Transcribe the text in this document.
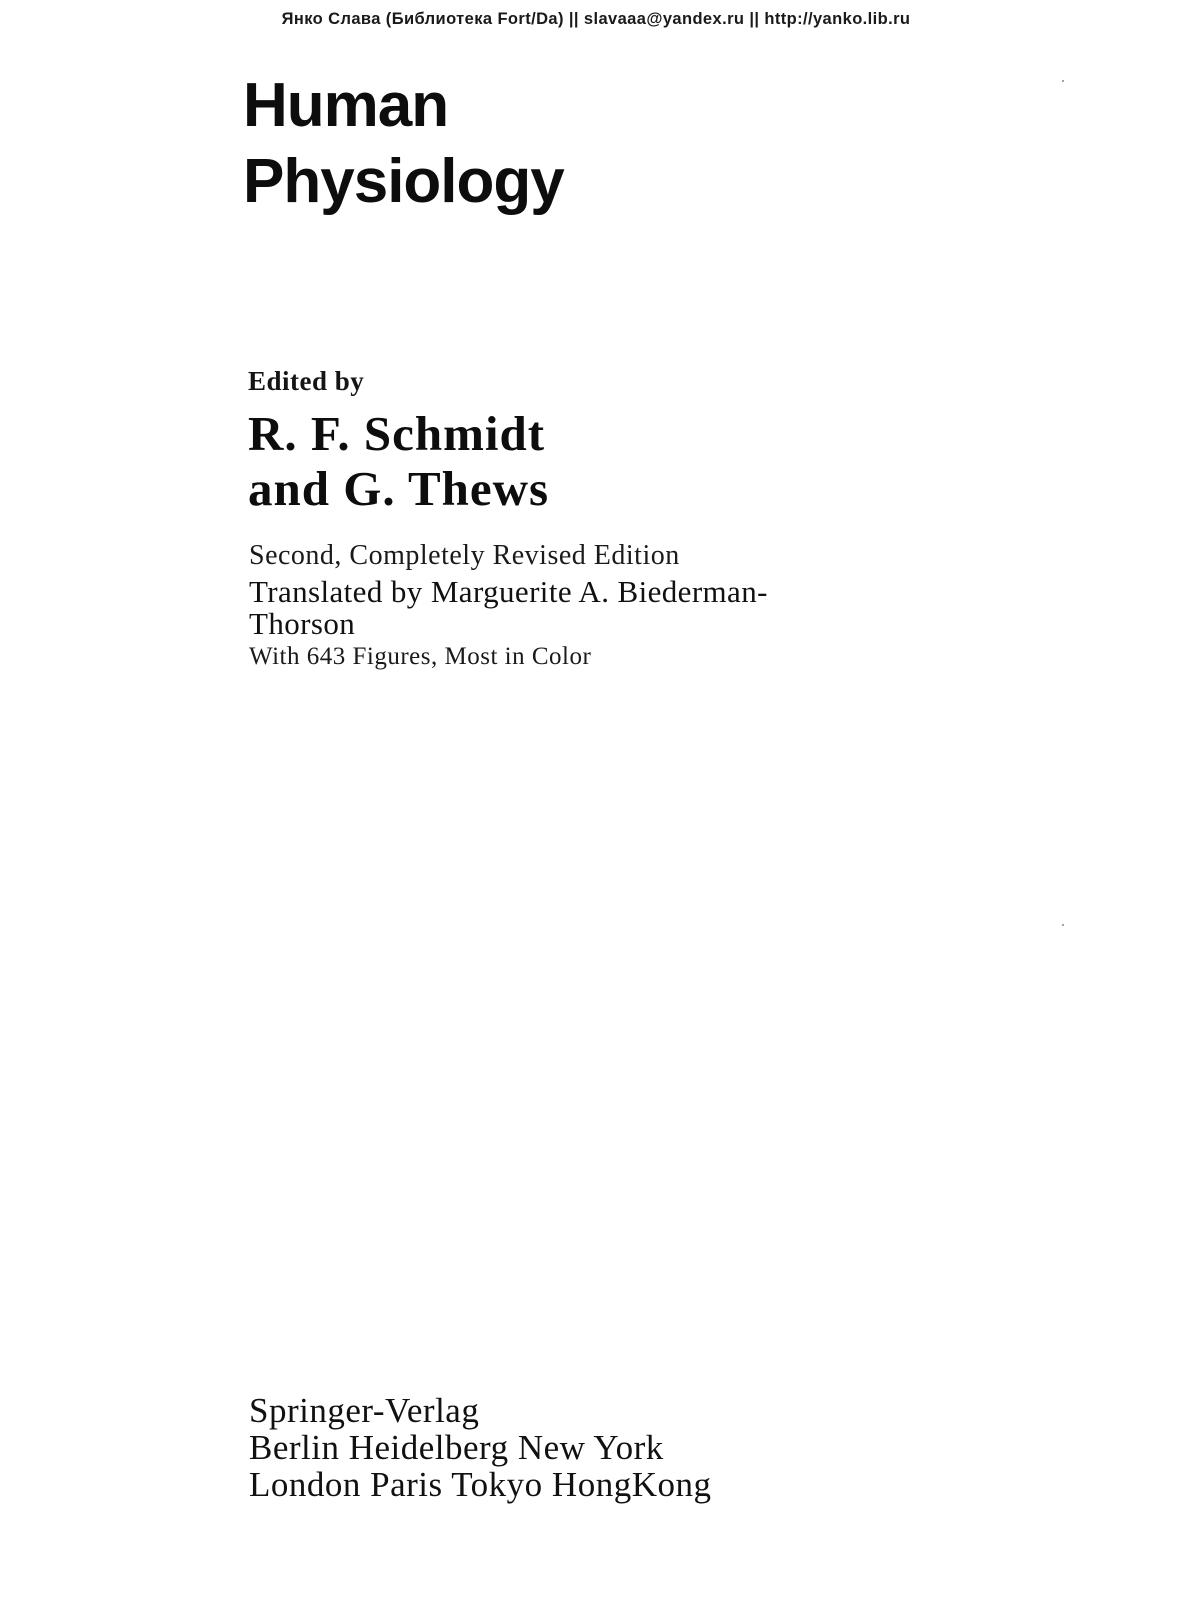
Янко Слава (Библиотека Fort/Da) || slavaaa@yandex.ru || http://yanko.lib.ru
Human
Physiology
Edited by
R. F. Schmidt
and G. Thews
Second, Completely Revised Edition
Translated by Marguerite A. Biederman-Thorson
With 643 Figures, Most in Color
Springer-Verlag
Berlin Heidelberg New York
London Paris Tokyo HongKong
